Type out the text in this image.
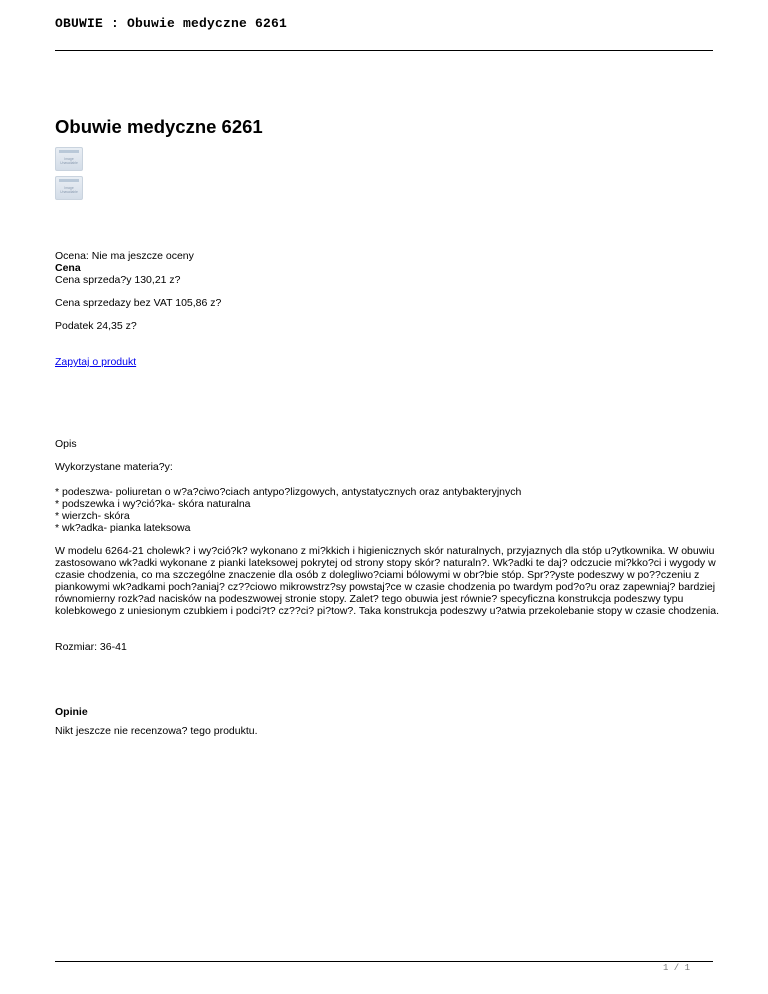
OBUWIE : Obuwie medyczne 6261
Obuwie medyczne 6261
Image
Unavailable
Image
Unavailable
Ocena: Nie ma jeszcze oceny
Cena
Cena sprzeda?y 130,21 z?
Cena sprzedazy bez VAT 105,86 z?
Podatek 24,35 z?
Zapytaj o produkt
Opis
Wykorzystane materia?y:
* podeszwa- poliuretan o w?a?ciwo?ciach antypo?lizgowych, antystatycznych oraz antybakteryjnych
* podszewka i wy?ció?ka- skóra naturalna
* wierzch- skóra
* wk?adka- pianka lateksowa
W modelu 6264-21 cholewk? i wy?ció?k? wykonano z mi?kkich i higienicznych skór naturalnych, przyjaznych dla stóp u?ytkownika. W obuwiu
zastosowano wk?adki wykonane z pianki lateksowej pokrytej od strony stopy skór? naturaln?. Wk?adki te daj? odczucie mi?kko?ci i wygody w
czasie chodzenia, co ma szczególne znaczenie dla osób z dolegliwo?ciami bólowymi w obr?bie stóp. Spr??yste podeszwy w po??czeniu z
piankowymi wk?adkami poch?aniaj? cz??ciowo mikrowstrz?sy powstaj?ce w czasie chodzenia po twardym pod?o?u oraz zapewniaj? bardziej
równomierny rozk?ad nacisków na podeszwowej stronie stopy. Zalet? tego obuwia jest równie? specyficzna konstrukcja podeszwy typu
kolebkowego z uniesionym czubkiem i podci?t? cz??ci? pi?tow?. Taka konstrukcja podeszwy u?atwia przekolebanie stopy w czasie chodzenia.
Rozmiar: 36-41
Opinie
Nikt jeszcze nie recenzowa? tego produktu.
1 / 1
